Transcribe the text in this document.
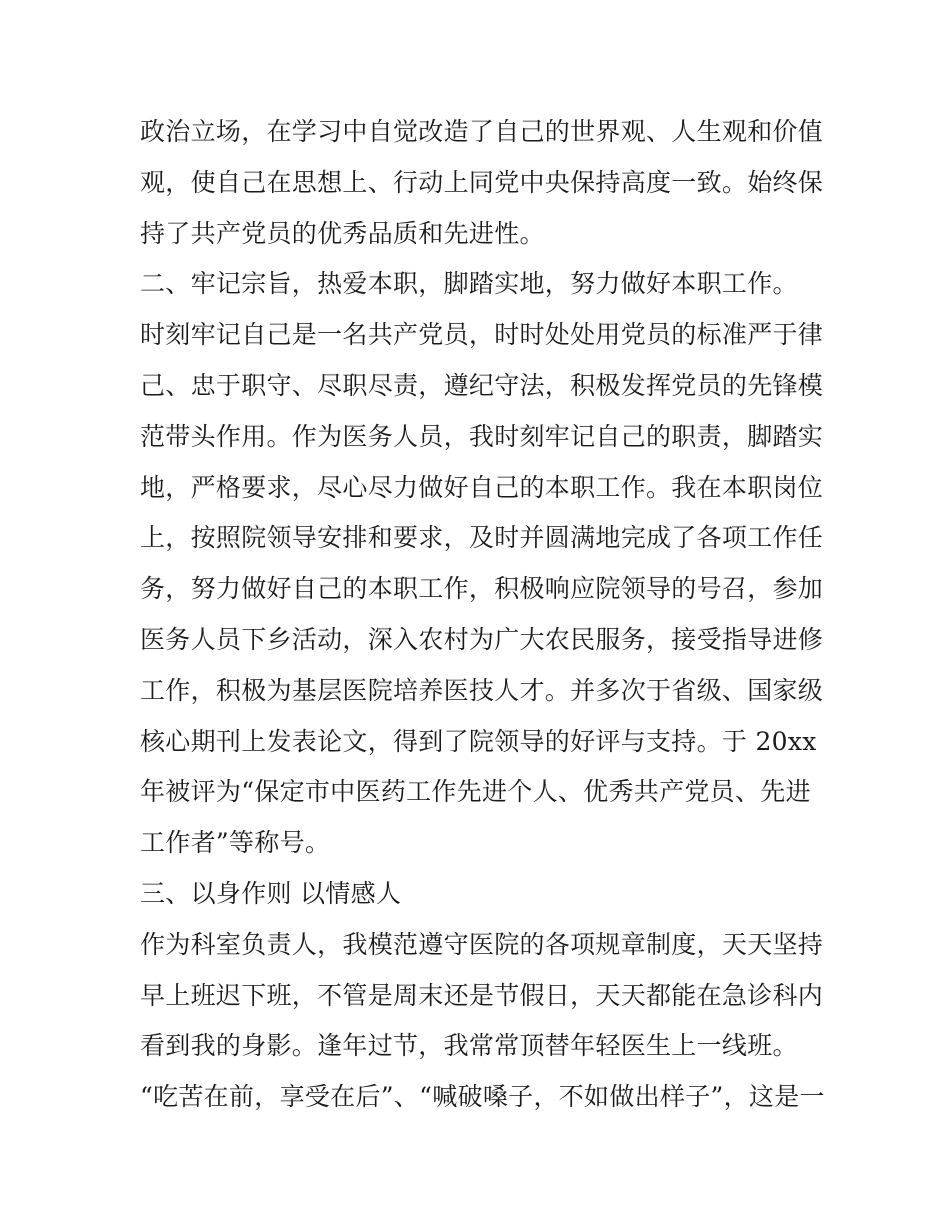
政治立场，在学习中自觉改造了自己的世界观、人生观和价值
观，使自己在思想上、行动上同党中央保持高度一致。始终保
持了共产党员的优秀品质和先进性。
二、牢记宗旨，热爱本职，脚踏实地，努力做好本职工作。
时刻牢记自己是一名共产党员，时时处处用党员的标准严于律
己、忠于职守、尽职尽责，遵纪守法，积极发挥党员的先锋模
范带头作用。作为医务人员，我时刻牢记自己的职责，脚踏实
地，严格要求，尽心尽力做好自己的本职工作。我在本职岗位
上，按照院领导安排和要求，及时并圆满地完成了各项工作任
务，努力做好自己的本职工作，积极响应院领导的号召，参加
医务人员下乡活动，深入农村为广大农民服务，接受指导进修
工作，积极为基层医院培养医技人才。并多次于省级、国家级
核心期刊上发表论文，得到了院领导的好评与支持。于 20xx
年被评为“保定市中医药工作先进个人、优秀共产党员、先进
工作者”等称号。
三、以身作则 以情感人
作为科室负责人，我模范遵守医院的各项规章制度，天天坚持
早上班迟下班，不管是周末还是节假日，天天都能在急诊科内
看到我的身影。逢年过节，我常常顶替年轻医生上一线班。
“吃苦在前，享受在后”、“喊破嗓子，不如做出样子”，这是一
